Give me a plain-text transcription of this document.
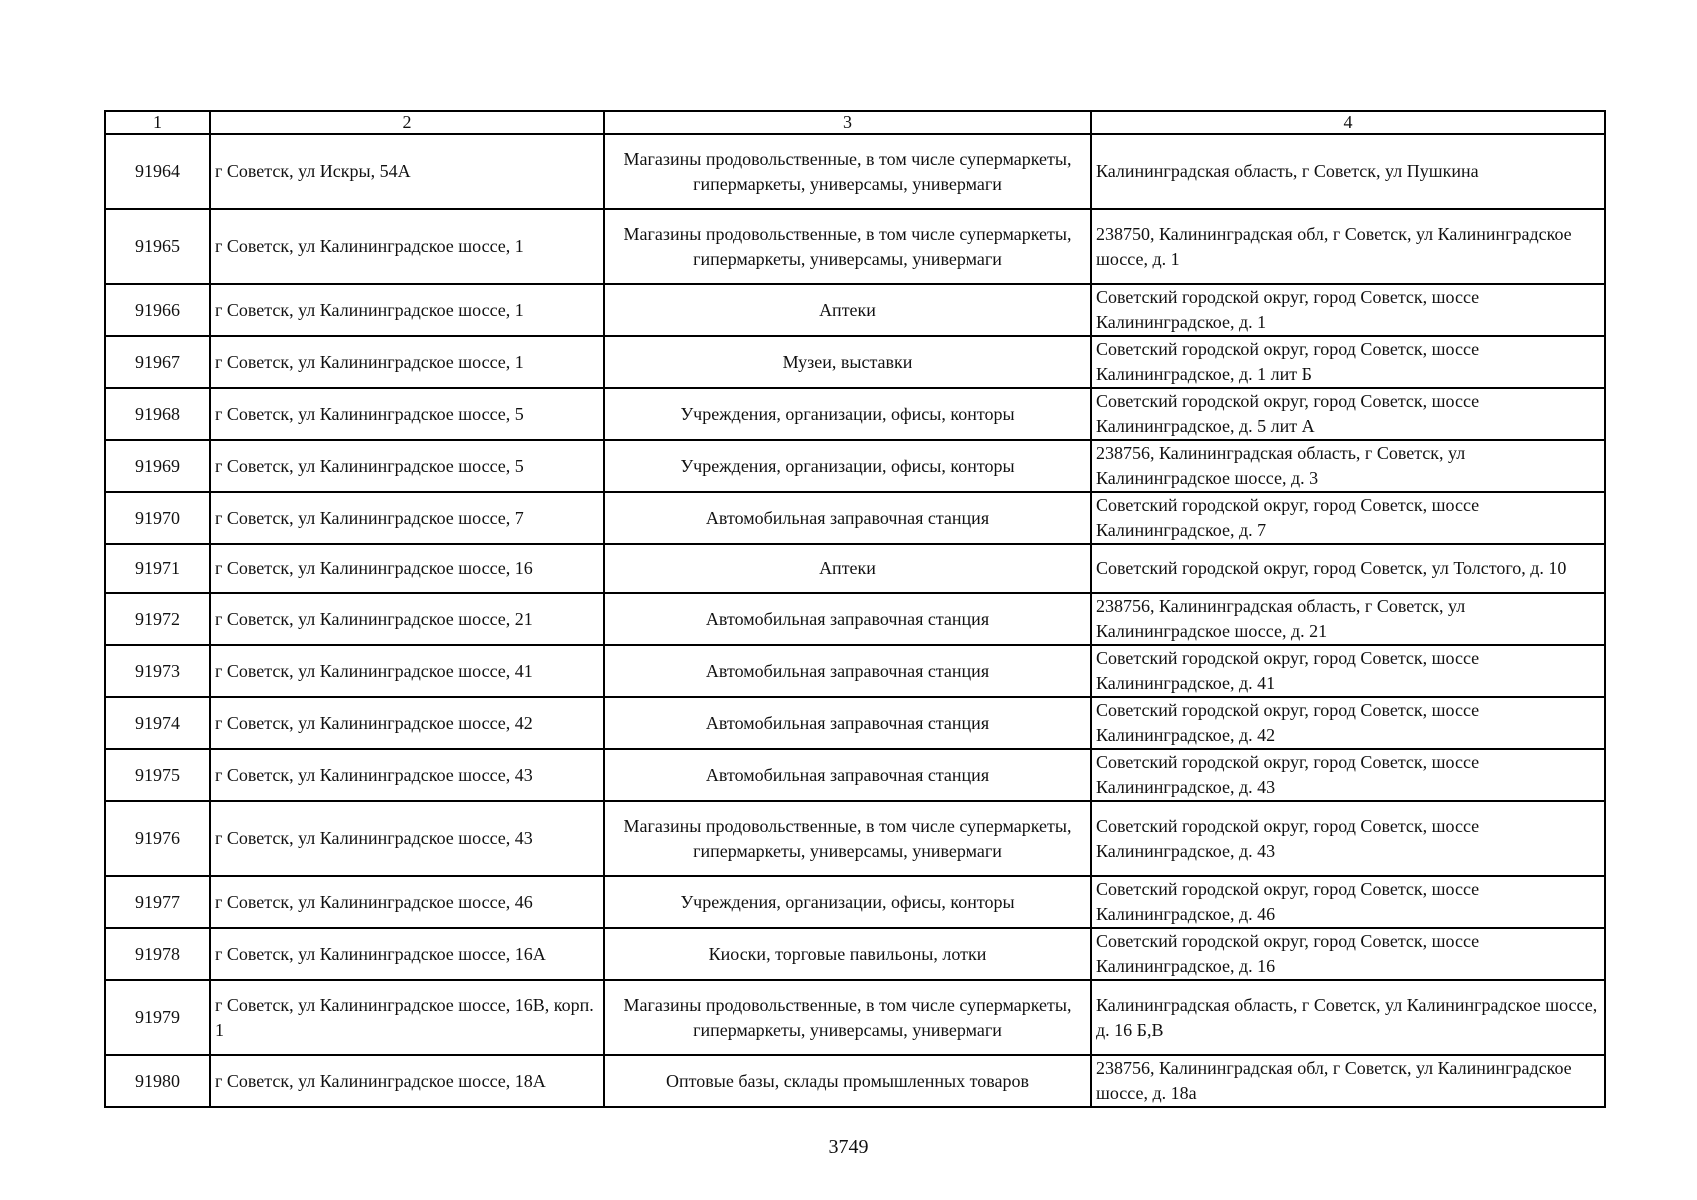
1	2	3	4
91964	г Советск, ул Искры, 54А	Магазины продовольственные, в том числе супермаркеты, гипермаркеты, универсамы, универмаги	Калининградская область, г Советск, ул Пушкина
91965	г Советск, ул Калининградское шоссе, 1	Магазины продовольственные, в том числе супермаркеты, гипермаркеты, универсамы, универмаги	238750, Калининградская обл, г Советск, ул Калининградское шоссе, д. 1
91966	г Советск, ул Калининградское шоссе, 1	Аптеки	Советский городской округ, город Советск, шоссе Калининградское, д. 1
91967	г Советск, ул Калининградское шоссе, 1	Музеи, выставки	Советский городской округ, город Советск, шоссе Калининградское, д. 1 лит Б
91968	г Советск, ул Калининградское шоссе, 5	Учреждения, организации, офисы, конторы	Советский городской округ, город Советск, шоссе Калининградское, д. 5 лит А
91969	г Советск, ул Калининградское шоссе, 5	Учреждения, организации, офисы, конторы	238756, Калининградская область, г Советск, ул Калининградское шоссе, д. 3
91970	г Советск, ул Калининградское шоссе, 7	Автомобильная заправочная станция	Советский городской округ, город Советск, шоссе Калининградское, д. 7
91971	г Советск, ул Калининградское шоссе, 16	Аптеки	Советский городской округ, город Советск, ул Толстого, д. 10
91972	г Советск, ул Калининградское шоссе, 21	Автомобильная заправочная станция	238756, Калининградская область, г Советск, ул Калининградское шоссе, д. 21
91973	г Советск, ул Калининградское шоссе, 41	Автомобильная заправочная станция	Советский городской округ, город Советск, шоссе Калининградское, д. 41
91974	г Советск, ул Калининградское шоссе, 42	Автомобильная заправочная станция	Советский городской округ, город Советск, шоссе Калининградское, д. 42
91975	г Советск, ул Калининградское шоссе, 43	Автомобильная заправочная станция	Советский городской округ, город Советск, шоссе Калининградское, д. 43
91976	г Советск, ул Калининградское шоссе, 43	Магазины продовольственные, в том числе супермаркеты, гипермаркеты, универсамы, универмаги	Советский городской округ, город Советск, шоссе Калининградское, д. 43
91977	г Советск, ул Калининградское шоссе, 46	Учреждения, организации, офисы, конторы	Советский городской округ, город Советск, шоссе Калининградское, д. 46
91978	г Советск, ул Калининградское шоссе, 16А	Киоски, торговые павильоны, лотки	Советский городской округ, город Советск, шоссе Калининградское, д. 16
91979	г Советск, ул Калининградское шоссе, 16В, корп. 1	Магазины продовольственные, в том числе супермаркеты, гипермаркеты, универсамы, универмаги	Калининградская область, г Советск, ул Калининградское шоссе, д. 16 Б,В
91980	г Советск, ул Калининградское шоссе, 18А	Оптовые базы, склады промышленных товаров	238756, Калининградская обл, г Советск, ул Калининградское шоссе, д. 18а
3749
